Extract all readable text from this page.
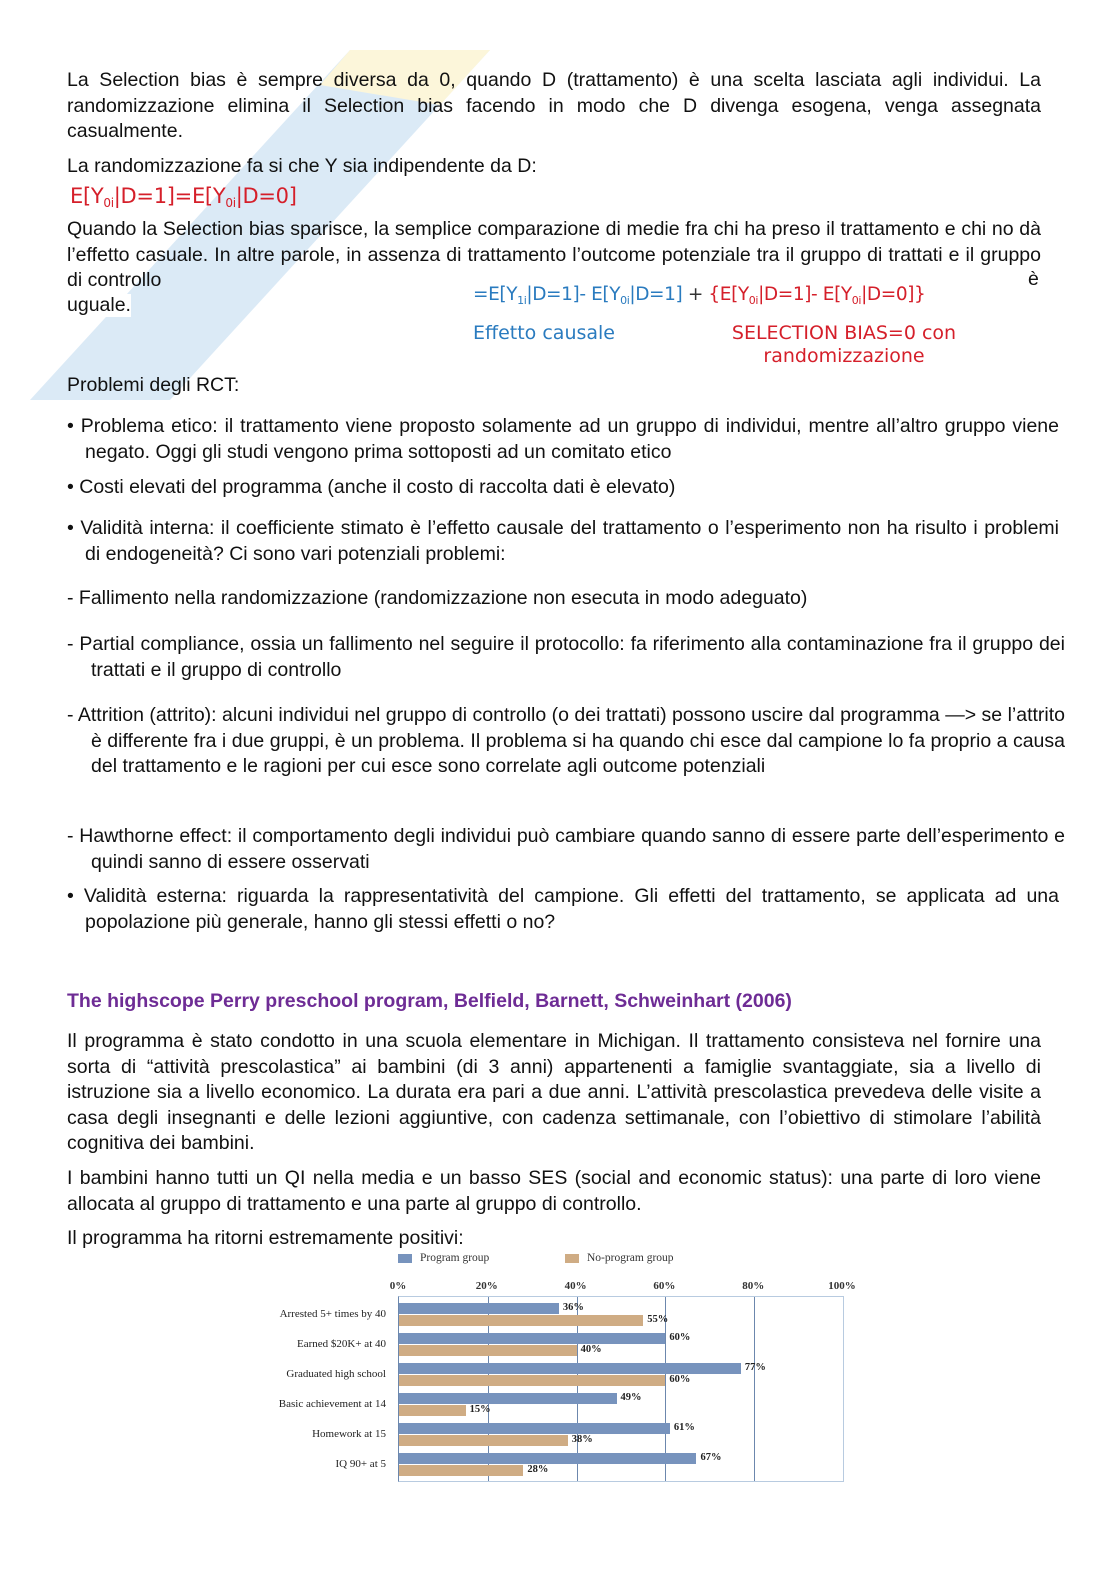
La Selection bias è sempre diversa da 0, quando D (trattamento) è una scelta lasciata agli individui. La randomizzazione elimina il Selection bias facendo in modo che D divenga esogena, venga assegnata casualmente.

La randomizzazione fa si che Y sia indipendente da D:

$E[Y_{0i}|D=1]=E[Y_{0i}|D=0]$

Quando la Selection bias sparisce, la semplice comparazione di medie fra chi ha preso il trattamento e chi no dà l’effetto casuale. In altre parole, in assenza di trattamento l’outcome potenziale tra il gruppo di trattati e il gruppo di controllo	è
uguale.	$=E[Y_{1i}|D=1]-$ $E[Y_{0i}|D=1] + \{E[Y_{0i}|D=1]-$ $E[Y_{0i}|D=0]$}
Effetto causale	SELECTION BIAS=0 con
randomizzazione

Problemi degli RCT:

• Problema etico: il trattamento viene proposto solamente ad un gruppo di individui, mentre all’altro gruppo viene negato. Oggi gli studi vengono prima sottoposti ad un comitato etico

• Costi elevati del programma (anche il costo di raccolta dati è elevato)

• Validità interna: il coefficiente stimato è l’effetto causale del trattamento o l’esperimento non ha risulto i problemi di endogeneità? Ci sono vari potenziali problemi:

- Fallimento nella randomizzazione (randomizzazione non esecuta in modo adeguato)

- Partial compliance, ossia un fallimento nel seguire il protocollo: fa riferimento alla contaminazione fra il gruppo dei trattati e il gruppo di controllo

- Attrition (attrito): alcuni individui nel gruppo di controllo (o dei trattati) possono uscire dal programma —> se l’attrito è differente fra i due gruppi, è un problema. Il problema si ha quando chi esce dal campione lo fa proprio a causa del trattamento e le ragioni per cui esce sono correlate agli outcome potenziali

- Hawthorne effect: il comportamento degli individui può cambiare quando sanno di essere parte dell’esperimento e quindi sanno di essere osservati

• Validità esterna: riguarda la rappresentatività del campione. Gli effetti del trattamento, se applicata ad una popolazione più generale, hanno gli stessi effetti o no?

The highscope Perry preschool program, Belfield, Barnett, Schweinhart (2006)

Il programma è stato condotto in una scuola elementare in Michigan. Il trattamento consisteva nel fornire una sorta di “attività prescolastica” ai bambini (di 3 anni) appartenenti a famiglie svantaggiate, sia a livello di istruzione sia a livello economico. La durata era pari a due anni. L’attività prescolastica prevedeva delle visite a casa degli insegnanti e delle lezioni aggiuntive, con cadenza settimanale, con l’obiettivo di stimolare l’abilità cognitiva dei bambini.

I bambini hanno tutti un QI nella media e un basso SES (social and economic status): una parte di loro viene allocata al gruppo di trattamento e una parte al gruppo di controllo.

Il programma ha ritorni estremamente positivi:

Program group	No-program group
0%	20%	40%	60%	80%	100%
Arrested 5+ times by 40
Earned $20K+ at 40
Graduated high school
Basic achievement at 14
Homework at 15
IQ 90+ at 5
36%
55%
60%
40%
77%
60%
49%
15%
61%
38%
67%
28%
